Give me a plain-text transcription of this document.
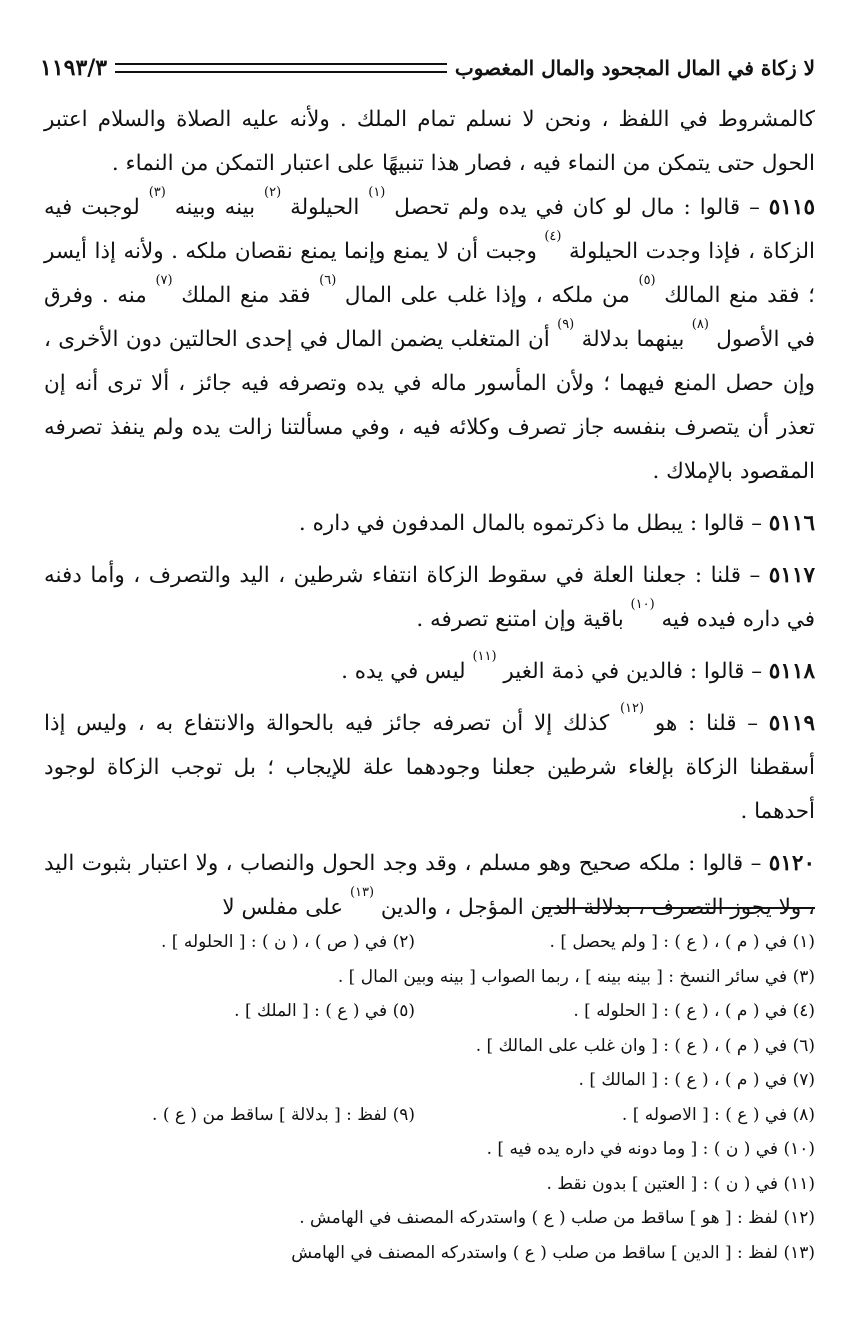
لا زكاة في المال المجحود والمال المغصوب
١١٩٣/٣

كالمشروط في اللفظ ، ونحن لا نسلم تمام الملك . ولأنه عليه الصلاة والسلام اعتبر الحول حتى يتمكن من النماء فيه ، فصار هذا تنبيهًا على اعتبار التمكن من النماء .

٥١١٥ – قالوا : مال لو كان في يده ولم تحصل $^{(١)}$ الحيلولة $^{(٢)}$ بينه وبينه $^{(٣)}$ لوجبت فيه الزكاة ، فإذا وجدت الحيلولة $^{(٤)}$ وجبت أن لا يمنع وإنما يمنع نقصان ملكه . ولأنه إذا أيسر ؛ فقد منع المالك $^{(٥)}$ من ملكه ، وإذا غلب على المال $^{(٦)}$ فقد منع الملك $^{(٧)}$ منه . وفرق في الأصول $^{(٨)}$ بينهما بدلالة $^{(٩)}$ أن المتغلب يضمن المال في إحدى الحالتين دون الأخرى ، وإن حصل المنع فيهما ؛ ولأن المأسور ماله في يده وتصرفه فيه جائز ، ألا ترى أنه إن تعذر أن يتصرف بنفسه جاز تصرف وكلائه فيه ، وفي مسألتنا زالت يده ولم ينفذ تصرفه المقصود بالإملاك .

٥١١٦ – قالوا : يبطل ما ذكرتموه بالمال المدفون في داره .

٥١١٧ – قلنا : جعلنا العلة في سقوط الزكاة انتفاء شرطين ، اليد والتصرف ، وأما دفنه في داره فيده فيه $^{(١٠)}$ باقية وإن امتنع تصرفه .

٥١١٨ – قالوا : فالدين في ذمة الغير $^{(١١)}$ ليس في يده .

٥١١٩ – قلنا : هو $^{(١٢)}$ كذلك إلا أن تصرفه جائز فيه بالحوالة والانتفاع به ، وليس إذا أسقطنا الزكاة بإلغاء شرطين جعلنا وجودهما علة للإيجاب ؛ بل توجب الزكاة لوجود أحدهما .

٥١٢٠ – قالوا : ملكه صحيح وهو مسلم ، وقد وجد الحول والنصاب ، ولا اعتبار بثبوت اليد ، ولا يجوز التصرف ، بدلالة الدين المؤجل ، والدين $^{(١٣)}$ على مفلس لا

(١) في ( م ) ، ( ع ) : [ ولم يحصل ] .
(٢) في ( ص ) ، ( ن ) : [ الحلوله ] .
(٣) في سائر النسخ : [ بينه بينه ] ، ربما الصواب [ بينه وبين المال ] .
(٤) في ( م ) ، ( ع ) : [ الحلوله ] .
(٥) في ( ع ) : [ الملك ] .
(٦) في ( م ) ، ( ع ) : [ وان غلب على المالك ] .
(٧) في ( م ) ، ( ع ) : [ المالك ] .
(٨) في ( ع ) : [ الاصوله ] .
(٩) لفظ : [ بدلالة ] ساقط من ( ع ) .
(١٠) في ( ن ) : [ وما دونه في داره يده فيه ] .
(١١) في ( ن ) : [ العتين ] بدون نقط .
(١٢) لفظ : [ هو ] ساقط من صلب ( ع ) واستدركه المصنف في الهامش .
(١٣) لفظ : [ الدين ] ساقط من صلب ( ع ) واستدركه المصنف في الهامش
